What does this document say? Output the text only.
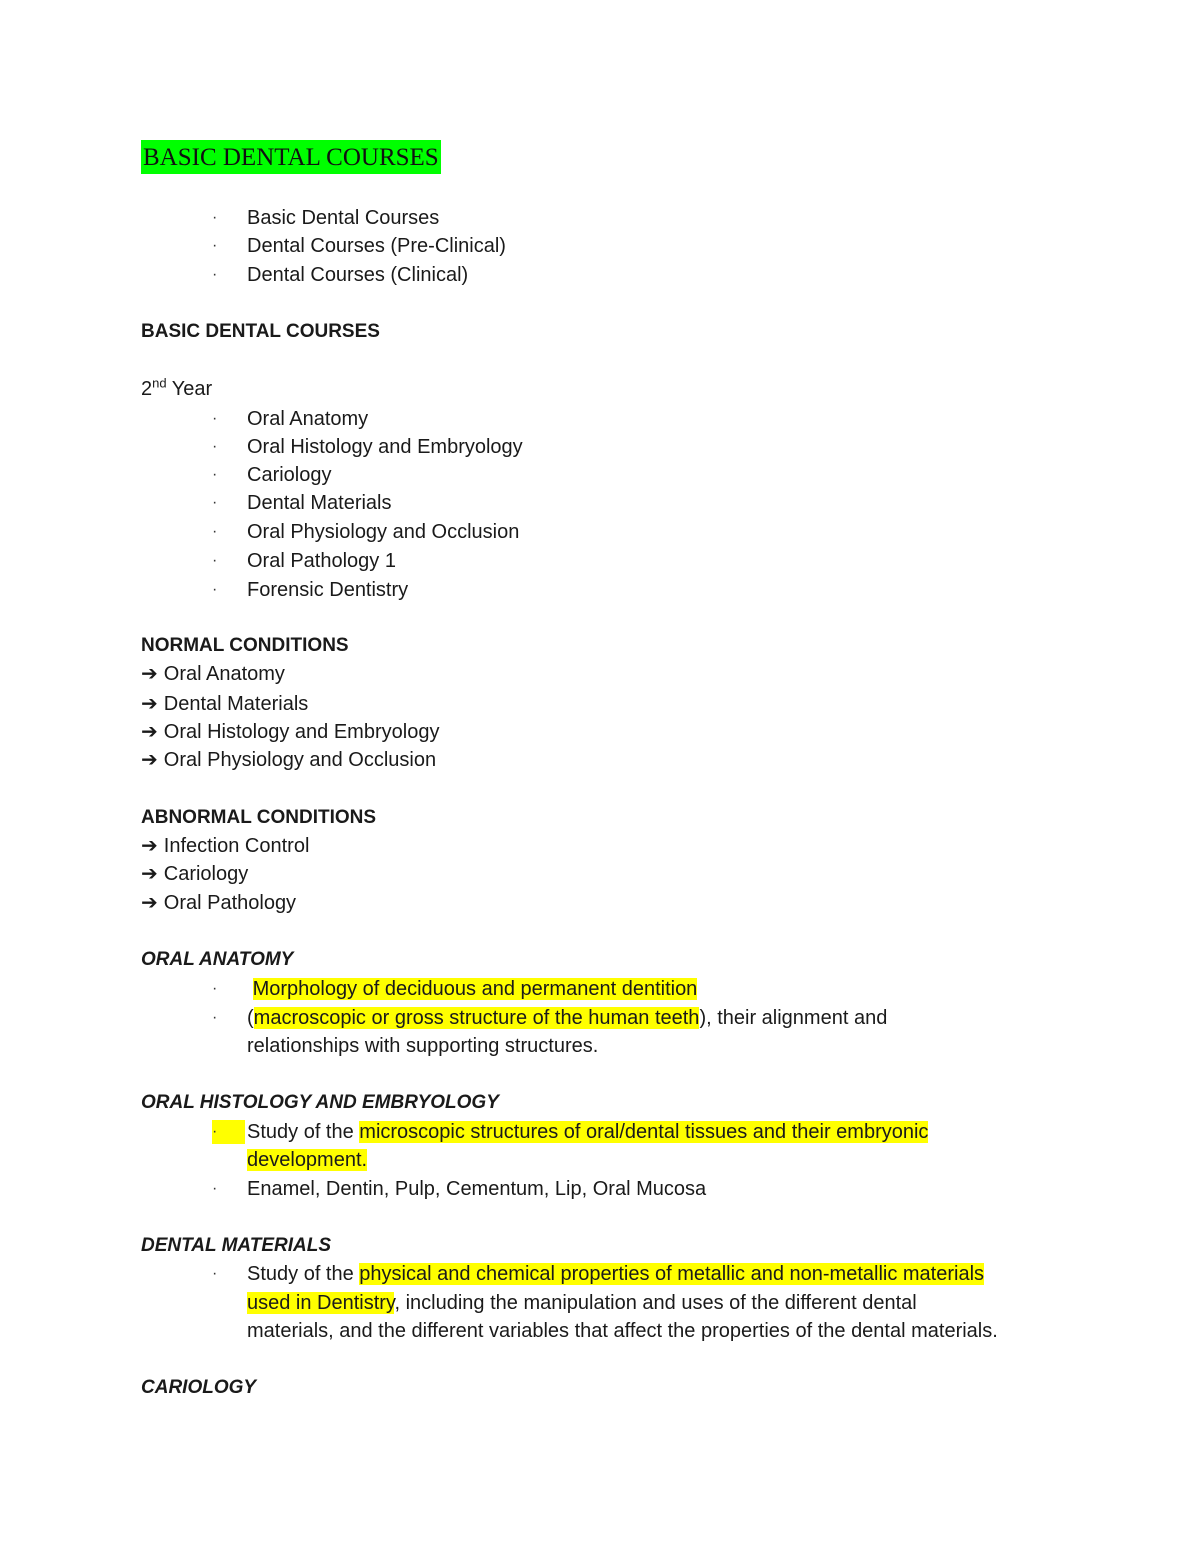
BASIC DENTAL COURSES
· Basic Dental Courses
· Dental Courses (Pre-Clinical)
· Dental Courses (Clinical)
BASIC DENTAL COURSES
2nd Year
· Oral Anatomy
· Oral Histology and Embryology
· Cariology
· Dental Materials
· Oral Physiology and Occlusion
· Oral Pathology 1
· Forensic Dentistry
NORMAL CONDITIONS
➔ Oral Anatomy
➔ Dental Materials
➔ Oral Histology and Embryology
➔ Oral Physiology and Occlusion
ABNORMAL CONDITIONS
➔ Infection Control
➔ Cariology
➔ Oral Pathology
ORAL ANATOMY
· Morphology of deciduous and permanent dentition
· (macroscopic or gross structure of the human teeth), their alignment and
relationships with supporting structures.
ORAL HISTOLOGY AND EMBRYOLOGY
·	Study of the microscopic structures of oral/dental tissues and their embryonic
development.
· Enamel, Dentin, Pulp, Cementum, Lip, Oral Mucosa
DENTAL MATERIALS
· Study of the physical and chemical properties of metallic and non-metallic materials
used in Dentistry, including the manipulation and uses of the different dental
materials, and the different variables that affect the properties of the dental materials.
CARIOLOGY
